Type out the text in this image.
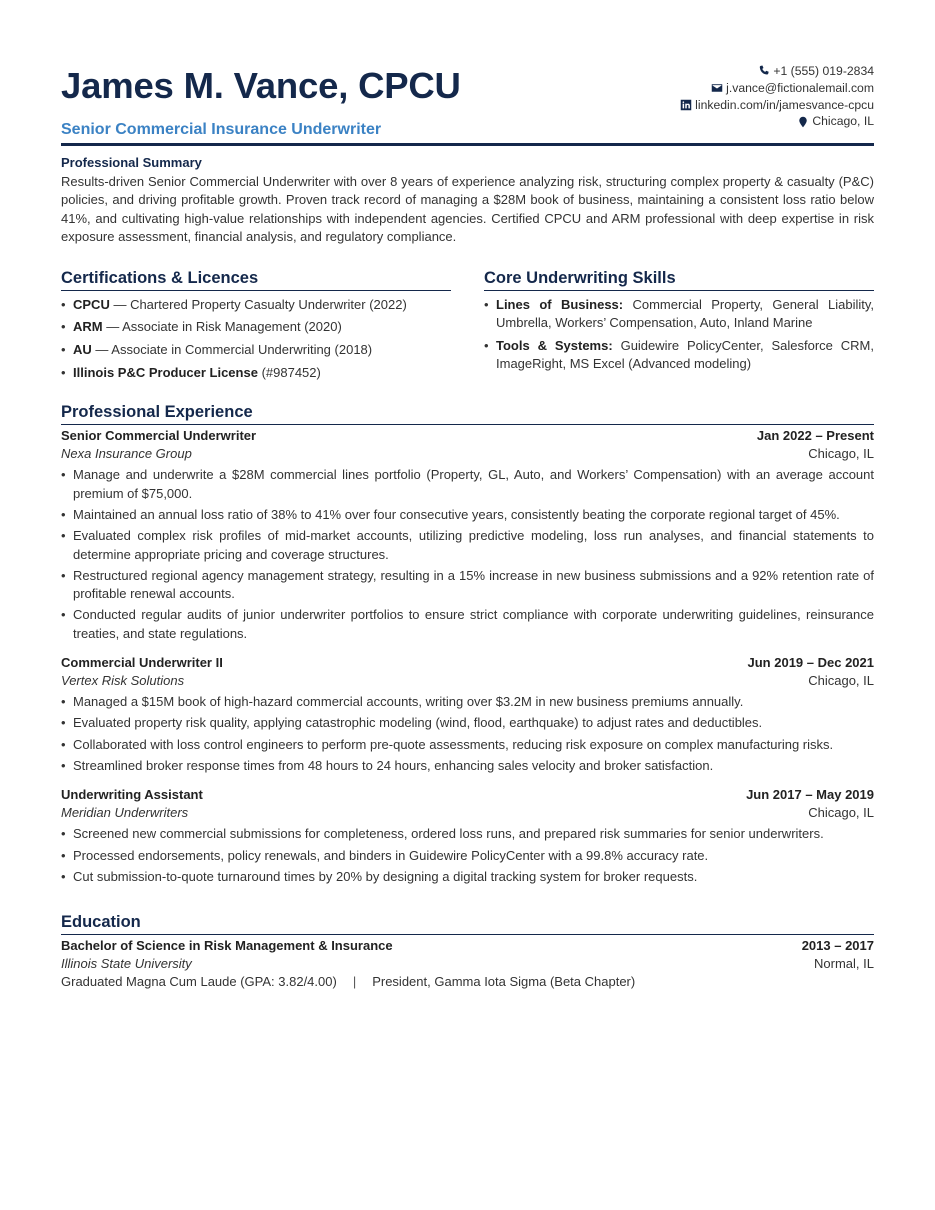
James M. Vance, CPCU
Senior Commercial Insurance Underwriter
+1 (555) 019-2834
j.vance@fictionalemail.com
linkedin.com/in/jamesvance-cpcu
Chicago, IL
Professional Summary
Results-driven Senior Commercial Underwriter with over 8 years of experience analyzing risk, structuring complex property & casualty (P&C) policies, and driving profitable growth. Proven track record of managing a $28M book of business, maintaining a consistent loss ratio below 41%, and cultivating high-value relationships with independent agencies. Certified CPCU and ARM professional with deep expertise in risk exposure assessment, financial analysis, and regulatory compliance.
Certifications & Licences
• CPCU — Chartered Property Casualty Underwriter (2022)
• ARM — Associate in Risk Management (2020)
• AU — Associate in Commercial Underwriting (2018)
• Illinois P&C Producer License (#987452)
Core Underwriting Skills
• Lines of Business: Commercial Property, General Liability, Umbrella, Workers’ Compensation, Auto, Inland Marine
• Tools & Systems: Guidewire PolicyCenter, Salesforce CRM, ImageRight, MS Excel (Advanced modeling)
Professional Experience
Senior Commercial Underwriter	Jan 2022 – Present
Nexa Insurance Group	Chicago, IL
• Manage and underwrite a $28M commercial lines portfolio (Property, GL, Auto, and Workers’ Compensation) with an average account premium of $75,000.
• Maintained an annual loss ratio of 38% to 41% over four consecutive years, consistently beating the corporate regional target of 45%.
• Evaluated complex risk profiles of mid-market accounts, utilizing predictive modeling, loss run analyses, and financial statements to determine appropriate pricing and coverage structures.
• Restructured regional agency management strategy, resulting in a 15% increase in new business submissions and a 92% retention rate of profitable renewal accounts.
• Conducted regular audits of junior underwriter portfolios to ensure strict compliance with corporate underwriting guidelines, reinsurance treaties, and state regulations.
Commercial Underwriter II	Jun 2019 – Dec 2021
Vertex Risk Solutions	Chicago, IL
• Managed a $15M book of high-hazard commercial accounts, writing over $3.2M in new business premiums annually.
• Evaluated property risk quality, applying catastrophic modeling (wind, flood, earthquake) to adjust rates and deductibles.
• Collaborated with loss control engineers to perform pre-quote assessments, reducing risk exposure on complex manufacturing risks.
• Streamlined broker response times from 48 hours to 24 hours, enhancing sales velocity and broker satisfaction.
Underwriting Assistant	Jun 2017 – May 2019
Meridian Underwriters	Chicago, IL
• Screened new commercial submissions for completeness, ordered loss runs, and prepared risk summaries for senior underwriters.
• Processed endorsements, policy renewals, and binders in Guidewire PolicyCenter with a 99.8% accuracy rate.
• Cut submission-to-quote turnaround times by 20% by designing a digital tracking system for broker requests.
Education
Bachelor of Science in Risk Management & Insurance	2013 – 2017
Illinois State University	Normal, IL
Graduated Magna Cum Laude (GPA: 3.82/4.00) | President, Gamma Iota Sigma (Beta Chapter)
